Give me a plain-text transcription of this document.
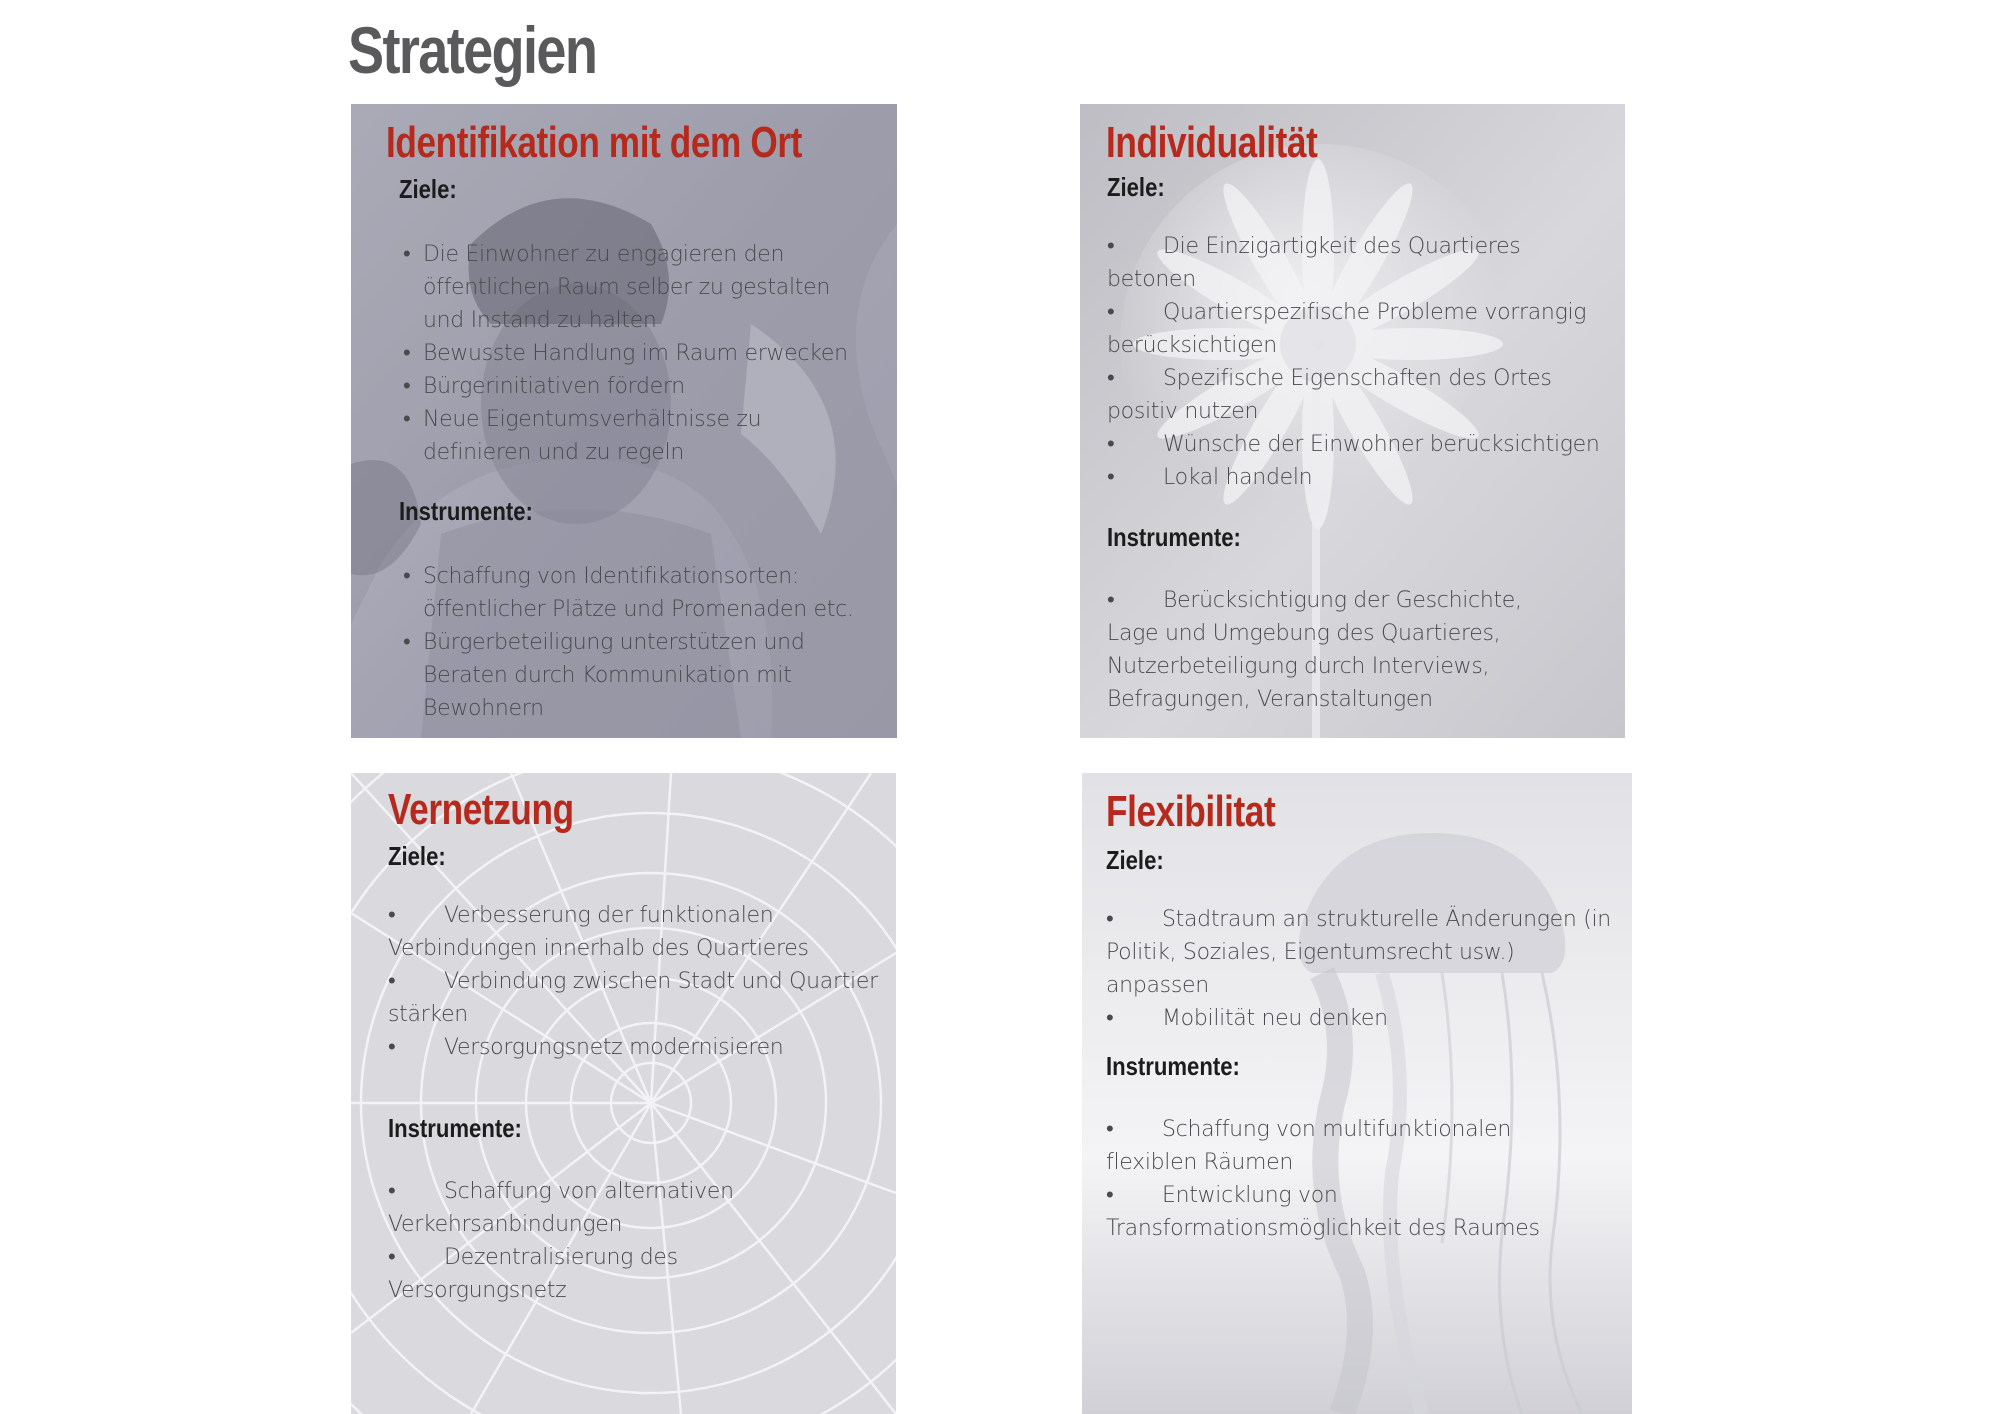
Strategien
Identifikation mit dem Ort
Ziele:
• Die Einwohner zu engagieren den öffentlichen Raum selber zu gestalten und Instand zu halten
• Bewusste Handlung im Raum erwecken
• Bürgerinitiativen fördern
• Neue Eigentumsverhältnisse zu definieren und zu regeln
Instrumente:
• Schaffung von Identifikationsorten: öffentlicher Plätze und Promenaden etc.
• Bürgerbeteiligung unterstützen und Beraten durch Kommunikation mit Bewohnern
Individualität
Ziele:
• Die Einzigartigkeit des Quartieres betonen
• Quartierspezifische Probleme vorrangig berücksichtigen
• Spezifische Eigenschaften des Ortes positiv nutzen
• Wünsche der Einwohner berücksichtigen
• Lokal handeln
Instrumente:
• Berücksichtigung der Geschichte, Lage und Umgebung des Quartieres, Nutzerbeteiligung durch Interviews, Befragungen, Veranstaltungen
Vernetzung
Ziele:
• Verbesserung der funktionalen Verbindungen innerhalb des Quartieres
• Verbindung zwischen Stadt und Quartier stärken
• Versorgungsnetz modernisieren
Instrumente:
• Schaffung von alternativen Verkehrsanbindungen
• Dezentralisierung des Versorgungsnetz
Flexibilitat
Ziele:
• Stadtraum an strukturelle Änderungen (in Politik, Soziales, Eigentumsrecht usw.) anpassen
• Mobilität neu denken
Instrumente:
• Schaffung von multifunktionalen flexiblen Räumen
• Entwicklung von Transformationsmöglichkeit des Raumes
